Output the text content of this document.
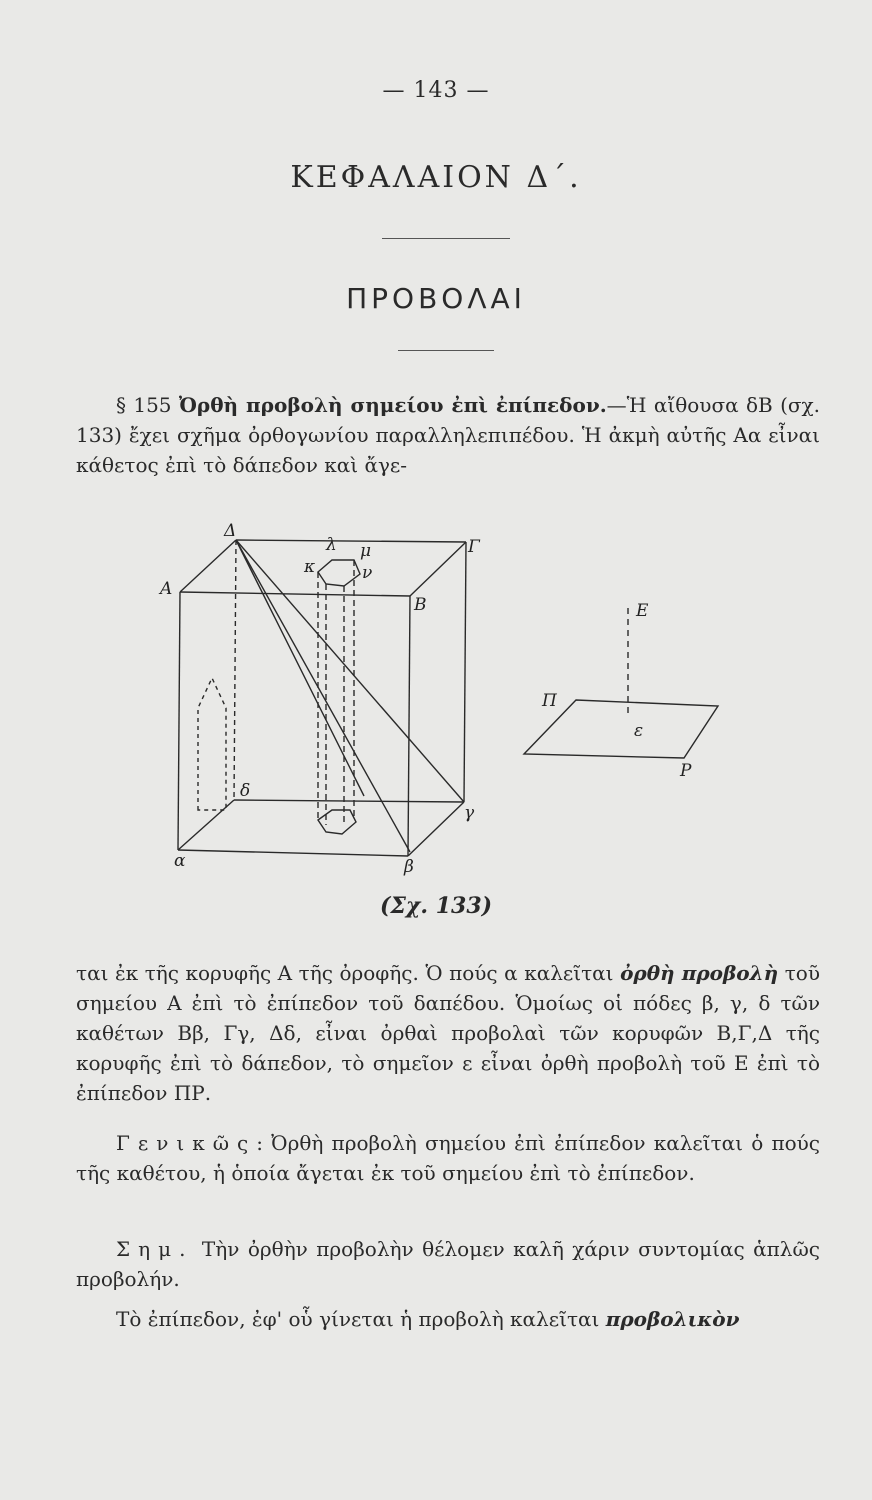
— 143 —
ΚΕΦΑΛΑΙΟΝ Δ΄.
ΠΡΟΒΟΛΑΙ

§ 155 Ὀρθὴ προβολὴ σημείου ἐπὶ ἐπίπεδον.—Ἡ αἴθουσα δΒ (σχ. 133) ἔχει σχῆμα ὀρθογωνίου παραλληλεπιπέδου. Ἡ ἀκμὴ αὐτῆς Αα εἶναι κάθετος ἐπὶ τὸ δάπεδον καὶ ἄγε-

Α
Δ
Γ
Β
α	β
γ
δ
κ
λ μ
ν
Ε
ε
Π
Ρ
(Σχ. 133)

ται ἐκ τῆς κορυφῆς Α τῆς ὀροφῆς. Ὁ πούς α καλεῖται ὀρθὴ προβολὴ τοῦ σημείου Α ἐπὶ τὸ ἐπίπεδον τοῦ δαπέδου. Ὁμοίως οἱ πόδες β, γ, δ τῶν καθέτων Ββ, Γγ, Δδ, εἶναι ὀρθαὶ προβολαὶ τῶν κορυφῶν Β,Γ,Δ τῆς κορυφῆς ἐπὶ τὸ δάπεδον, τὸ σημεῖον ε εἶναι ὀρθὴ προβολὴ τοῦ Ε ἐπὶ τὸ ἐπίπεδον ΠΡ.

Γενικῶς: Ὀρθὴ προβολὴ σημείου ἐπὶ ἐπίπεδον καλεῖται ὁ πούς τῆς καθέτου, ἡ ὁποία ἄγεται ἐκ τοῦ σημείου ἐπὶ τὸ ἐπίπεδον.

Σημ. Τὴν ὀρθὴν προβολὴν θέλομεν καλῆ χάριν συντομίας ἁπλῶς προβολήν.

Τὸ ἐπίπεδον, ἐφ' οὗ γίνεται ἡ προβολὴ καλεῖται προβολικὸν
